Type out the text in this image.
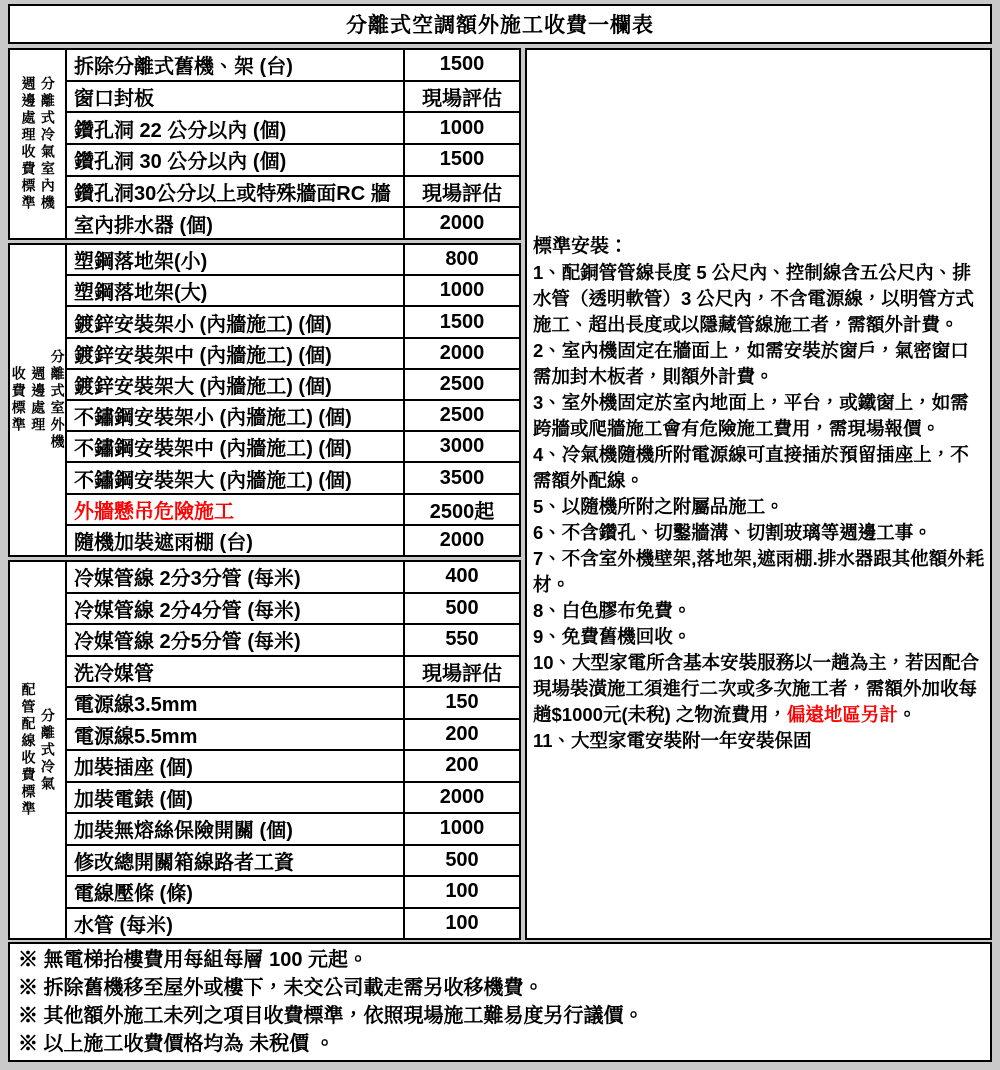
分離式空調額外施工收費一欄表
分離式冷氣室內機
週邊處理收費標準
拆除分離式舊機、架 (台)	1500
窗口封板	現場評估
鑽孔洞 22 公分以內 (個)	1000
鑽孔洞 30 公分以內 (個)	1500
鑽孔洞30公分以上或特殊牆面RC 牆	現場評估
室內排水器 (個)	2000
分離式室外機
週邊處理
收費標準
塑鋼落地架(小)	800
塑鋼落地架(大)	1000
鍍鋅安裝架小 (內牆施工) (個)	1500
鍍鋅安裝架中 (內牆施工) (個)	2000
鍍鋅安裝架大 (內牆施工) (個)	2500
不鏽鋼安裝架小 (內牆施工) (個)	2500
不鏽鋼安裝架中 (內牆施工) (個)	3000
不鏽鋼安裝架大 (內牆施工) (個)	3500
外牆懸吊危險施工	2500起
隨機加裝遮雨棚 (台)	2000
分離式冷氣
配管配線收費標準
冷媒管線 2分3分管 (每米)	400
冷媒管線 2分4分管 (每米)	500
冷媒管線 2分5分管 (每米)	550
洗冷媒管	現場評估
電源線3.5mm	150
電源線5.5mm	200
加裝插座 (個)	200
加裝電錶 (個)	2000
加裝無熔絲保險開關 (個)	1000
修改總開關箱線路者工資	500
電線壓條 (條)	100
水管 (每米)	100
標準安裝：
1、配銅管管線長度 5 公尺內、控制線含五公尺內、排水管（透明軟管）3 公尺內，不含電源線，以明管方式施工、超出長度或以隱藏管線施工者，需額外計費。
2、室內機固定在牆面上，如需安裝於窗戶，氣密窗口需加封木板者，則額外計費。
3、室外機固定於室內地面上，平台，或鐵窗上，如需跨牆或爬牆施工會有危險施工費用，需現場報價。
4、冷氣機隨機所附電源線可直接插於預留插座上，不需額外配線。
5、以隨機所附之附屬品施工。
6、不含鑽孔、切鑿牆溝、切割玻璃等週邊工事。
7、不含室外機壁架,落地架,遮雨棚.排水器跟其他額外耗材。
8、白色膠布免費。
9、免費舊機回收。
10、大型家電所含基本安裝服務以一趟為主，若因配合現場裝潢施工須進行二次或多次施工者，需額外加收每趟$1000元(未稅) 之物流費用，偏遠地區另計。
11、大型家電安裝附一年安裝保固
※ 無電梯抬樓費用每組每層 100 元起。
※ 拆除舊機移至屋外或樓下，未交公司載走需另收移機費。
※ 其他額外施工未列之項目收費標準，依照現場施工難易度另行議價。
※ 以上施工收費價格均為 未稅價 。
